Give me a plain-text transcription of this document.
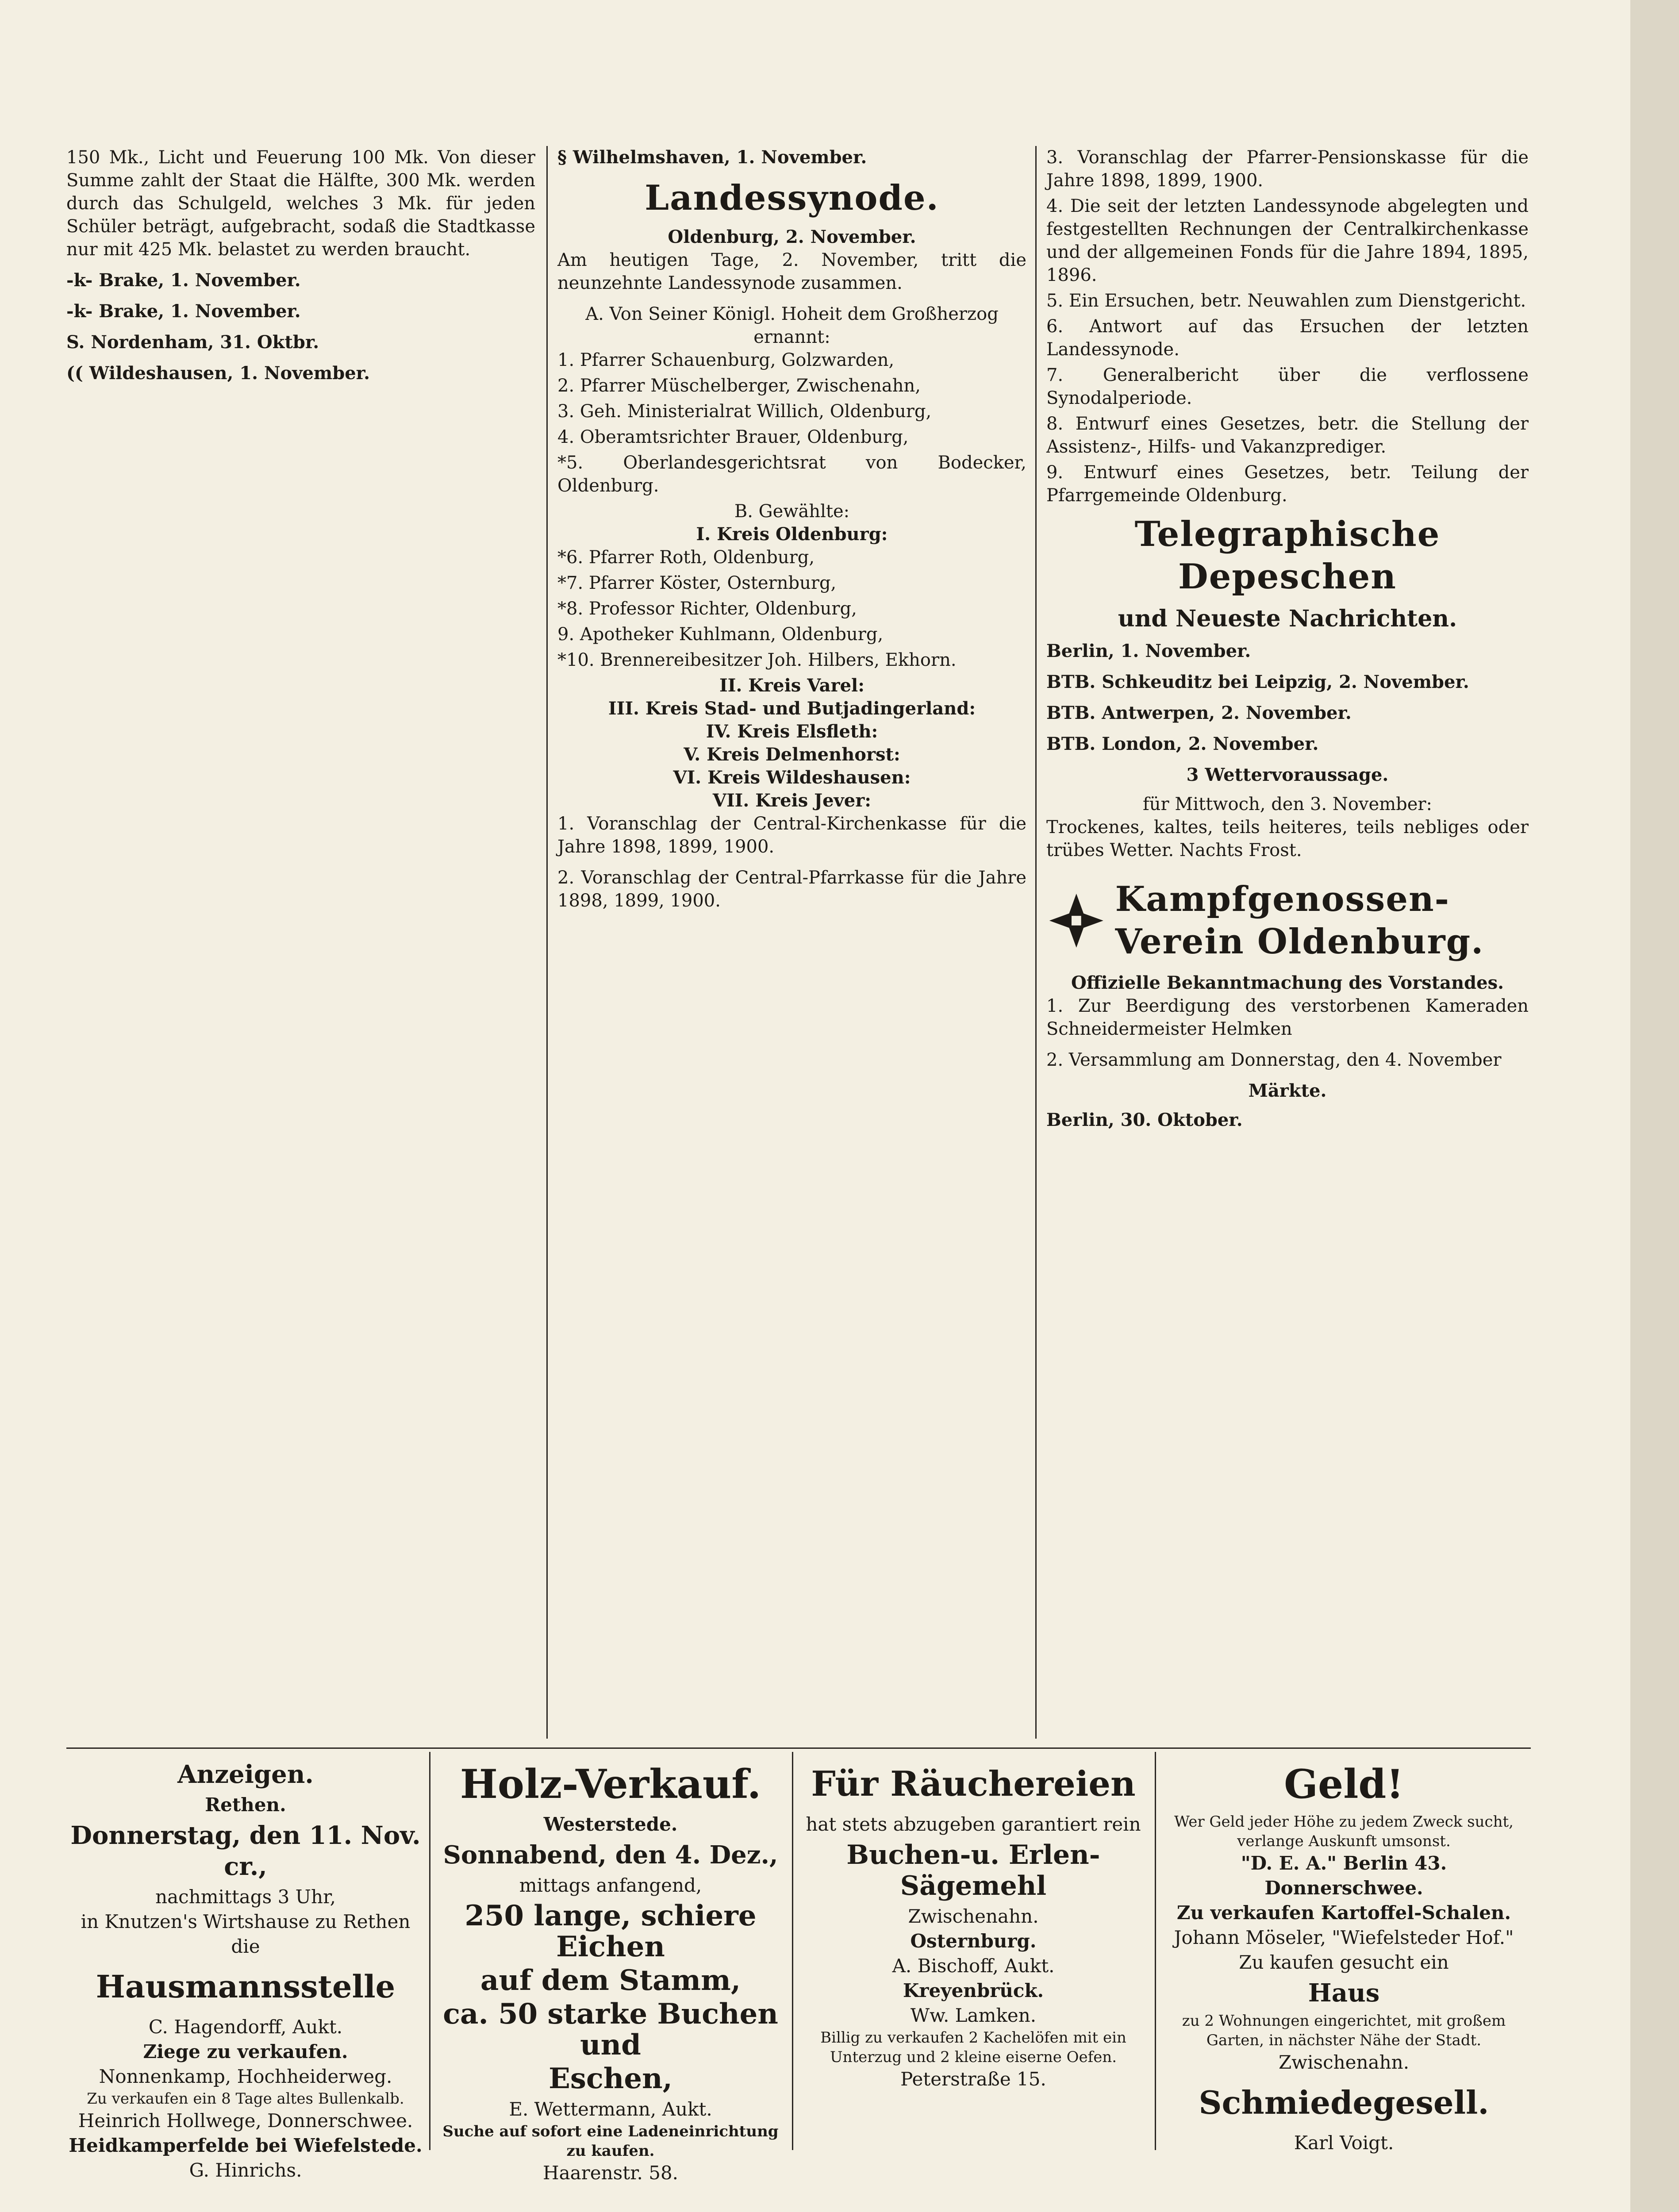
150 Mk., Licht und Feuerung 100 Mk. Von dieser Summe zahlt der Staat die Hälfte, 300 Mk. werden durch das Schulgeld, welches 3 Mk. für jeden Schüler beträgt, aufgebracht, sodaß die Stadtkasse nur mit 425 Mk. belastet zu werden braucht.

-k- Brake, 1. November.

-k- Brake, 1. November.

S. Nordenham, 31. Oktbr.

(( Wildeshausen, 1. November.

§ Wilhelmshaven, 1. November.

Landessynode.
Oldenburg, 2. November.

Am heutigen Tage, 2. November, tritt die neunzehnte Landessynode zusammen.

A. Von Seiner Königl. Hoheit dem Großherzog ernannt:
1. Pfarrer Schauenburg, Golzwarden,
2. Pfarrer Müschelberger, Zwischenahn,
3. Geh. Ministerialrat Willich, Oldenburg,
4. Oberamtsrichter Brauer, Oldenburg,
*5. Oberlandesgerichtsrat von Bodecker, Oldenburg.
B. Gewählte:
I. Kreis Oldenburg:
*6. Pfarrer Roth, Oldenburg,
*7. Pfarrer Köster, Osternburg,
*8. Professor Richter, Oldenburg,
9. Apotheker Kuhlmann, Oldenburg,
*10. Brennereibesitzer Joh. Hilbers, Ekhorn.
II. Kreis Varel:
III. Kreis Stad- und Butjadingerland:
IV. Kreis Elsfleth:
V. Kreis Delmenhorst:
VI. Kreis Wildeshausen:
VII. Kreis Jever:

1. Voranschlag der Central-Kirchenkasse für die Jahre 1898, 1899, 1900.

2. Voranschlag der Central-Pfarrkasse für die Jahre 1898, 1899, 1900.

3. Voranschlag der Pfarrer-Pensionskasse für die Jahre 1898, 1899, 1900.
4. Die seit der letzten Landessynode abgelegten und festgestellten Rechnungen der Centralkirchenkasse und der allgemeinen Fonds für die Jahre 1894, 1895, 1896.
5. Ein Ersuchen, betr. Neuwahlen zum Dienstgericht.
6. Antwort auf das Ersuchen der letzten Landessynode.
7. Generalbericht über die verflossene Synodalperiode.
8. Entwurf eines Gesetzes, betr. die Stellung der Assistenz-, Hilfs- und Vakanzprediger.
9. Entwurf eines Gesetzes, betr. Teilung der Pfarrgemeinde Oldenburg.
Telegraphische Depeschen
und Neueste Nachrichten.

Berlin, 1. November.

BTB. Schkeuditz bei Leipzig, 2. November.

BTB. Antwerpen, 2. November.

BTB. London, 2. November.

3 Wettervoraussage.
für Mittwoch, den 3. November:

Trockenes, kaltes, teils heiteres, teils nebliges oder trübes Wetter. Nachts Frost.

Kampfgenossen-Verein Oldenburg.
Offizielle Bekanntmachung des Vorstandes.

1. Zur Beerdigung des verstorbenen Kameraden Schneidermeister Helmken

2. Versammlung am Donnerstag, den 4. November

Märkte.

Berlin, 30. Oktober.

Anzeigen.
Rethen.
Donnerstag, den 11. Nov. cr.,
nachmittags 3 Uhr,
in Knutzen's Wirtshause zu Rethen die
Hausmannsstelle
C. Hagendorff, Aukt.
Ziege zu verkaufen.
Nonnenkamp, Hochheiderweg.
Zu verkaufen ein 8 Tage altes Bullenkalb.
Heinrich Hollwege, Donnerschwee.
Heidkamperfelde bei Wiefelstede.
G. Hinrichs.
Holz-Verkauf.
Westerstede.
Sonnabend, den 4. Dez.,
mittags anfangend,
250 lange, schiere Eichen
auf dem Stamm,
ca. 50 starke Buchen und
Eschen,
E. Wettermann, Aukt.
Suche auf sofort eine Ladeneinrichtung zu kaufen.
Haarenstr. 58.
Für Räuchereien
hat stets abzugeben garantiert rein
Buchen-u. Erlen-Sägemehl
Zwischenahn.
Osternburg.
A. Bischoff, Aukt.
Kreyenbrück.
Ww. Lamken.
Billig zu verkaufen 2 Kachelöfen mit ein Unterzug und 2 kleine eiserne Oefen.
Peterstraße 15.
Geld!
Wer Geld jeder Höhe zu jedem Zweck sucht, verlange Auskunft umsonst.
"D. E. A." Berlin 43.
Donnerschwee.
Zu verkaufen Kartoffel-Schalen.
Johann Möseler, "Wiefelsteder Hof."
Zu kaufen gesucht ein
Haus
zu 2 Wohnungen eingerichtet, mit großem Garten, in nächster Nähe der Stadt.
Zwischenahn.
Schmiedegesell.
Karl Voigt.
